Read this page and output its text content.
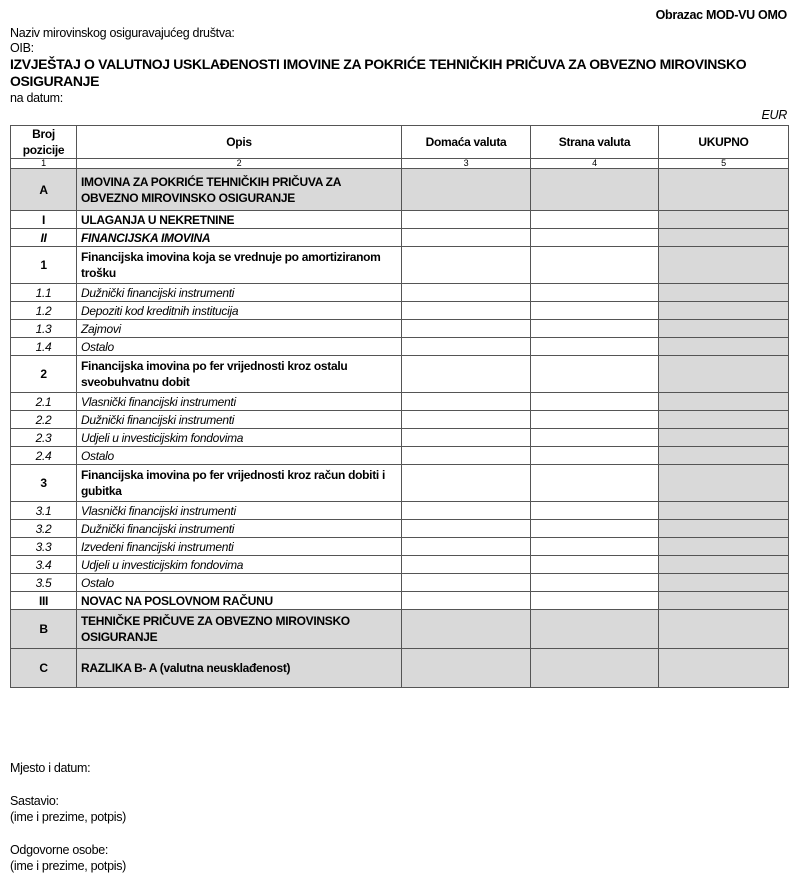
Obrazac MOD-VU OMO
Naziv mirovinskog osiguravajućeg društva:
OIB:
IZVJEŠTAJ O VALUTNOJ USKLAĐENOSTI IMOVINE ZA POKRIĆE TEHNIČKIH PRIČUVA ZA OBVEZNO MIROVINSKO OSIGURANJE
na datum:
EUR
Broj pozicije	Opis	Domaća valuta	Strana valuta	UKUPNO
1	2	3	4	5
A	IMOVINA ZA POKRIĆE TEHNIČKIH PRIČUVA ZA OBVEZNO MIROVINSKO OSIGURANJE			
I	ULAGANJA U NEKRETNINE			
II	FINANCIJSKA IMOVINA			
1	Financijska imovina koja se vrednuje po amortiziranom trošku			
1.1	Dužnički financijski instrumenti			
1.2	Depoziti kod kreditnih institucija			
1.3	Zajmovi			
1.4	Ostalo			
2	Financijska imovina po fer vrijednosti kroz ostalu sveobuhvatnu dobit			
2.1	Vlasnički financijski instrumenti			
2.2	Dužnički financijski instrumenti			
2.3	Udjeli u investicijskim fondovima			
2.4	Ostalo			
3	Financijska imovina po fer vrijednosti kroz račun dobiti i gubitka			
3.1	Vlasnički financijski instrumenti			
3.2	Dužnički financijski instrumenti			
3.3	Izvedeni financijski instrumenti			
3.4	Udjeli u investicijskim fondovima			
3.5	Ostalo			
III	NOVAC NA POSLOVNOM RAČUNU			
B	TEHNIČKE PRIČUVE ZA OBVEZNO MIROVINSKO OSIGURANJE			
C	RAZLIKA B- A (valutna neusklađenost)			
Mjesto i datum:
Sastavio:
(ime i prezime, potpis)
Odgovorne osobe:
(ime i prezime, potpis)
